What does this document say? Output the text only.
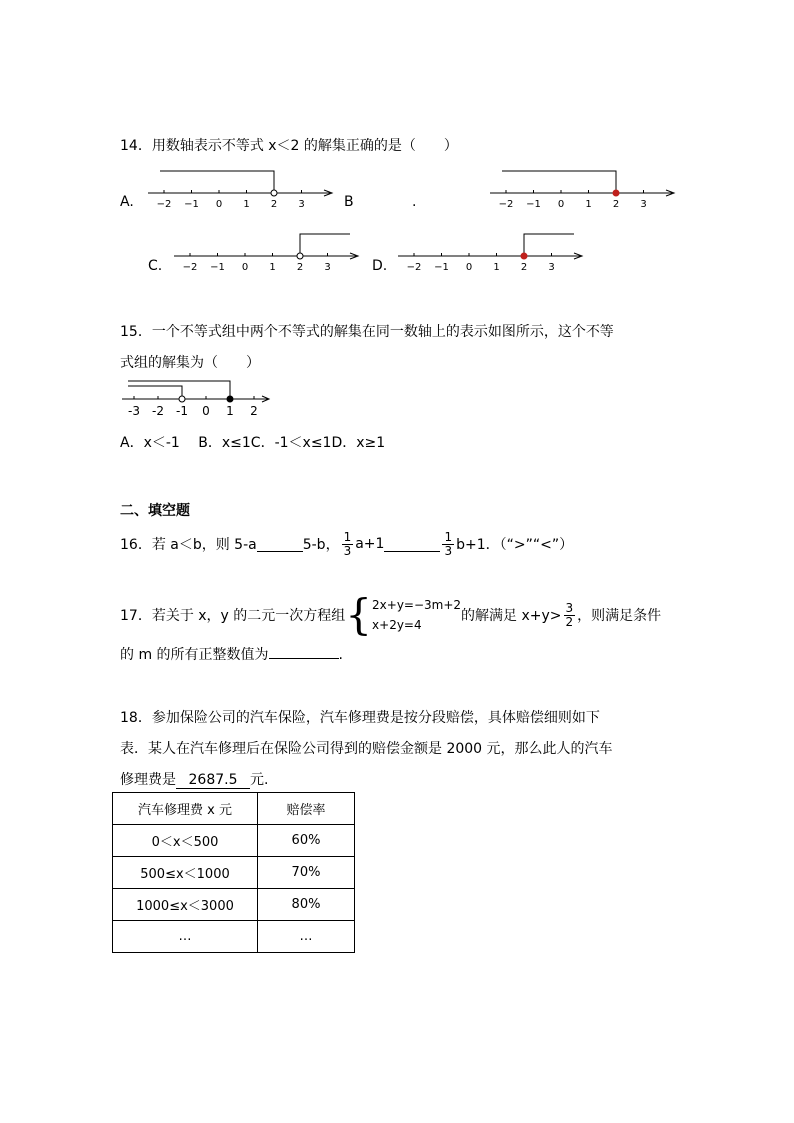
14．用数轴表示不等式 x＜2 的解集正确的是（　　）
A. −2 −1 0 1 2 3	B	.	−2 −1 0 1 2 3
C. −2 −1 0 1 2 3	D. −2 −1 0 1 2 3
15．一个不等式组中两个不等式的解集在同一数轴上的表示如图所示，这个不等
式组的解集为（　　）
-3 -2 -1 0 1 2
A．x＜-1　 B．x≤1C．-1＜x≤1D．x≥1
二、填空题
16．若 a＜b，则 5-a	5-b， $\frac{1}{3} a+1$	$\frac{1}{3} b+1$．（“>”“<”）
17．若关于 x，y 的二元一次方程组 { 2x+y=−3m+2
x+2y=4
的解满足 $x+y> \frac{3}{2}$ ，则满足条件
的 m 的所有正整数值为	.
18．参加保险公司的汽车保险，汽车修理费是按分段赔偿，具体赔偿细则如下
表．某人在汽车修理后在保险公司得到的赔偿金额是 2000 元，那么此人的汽车
修理费是 2687.5 元.
汽车修理费 x 元	赔偿率
0＜x＜500	60%
500≤x＜1000	70%
1000≤x＜3000	80%
…	…
